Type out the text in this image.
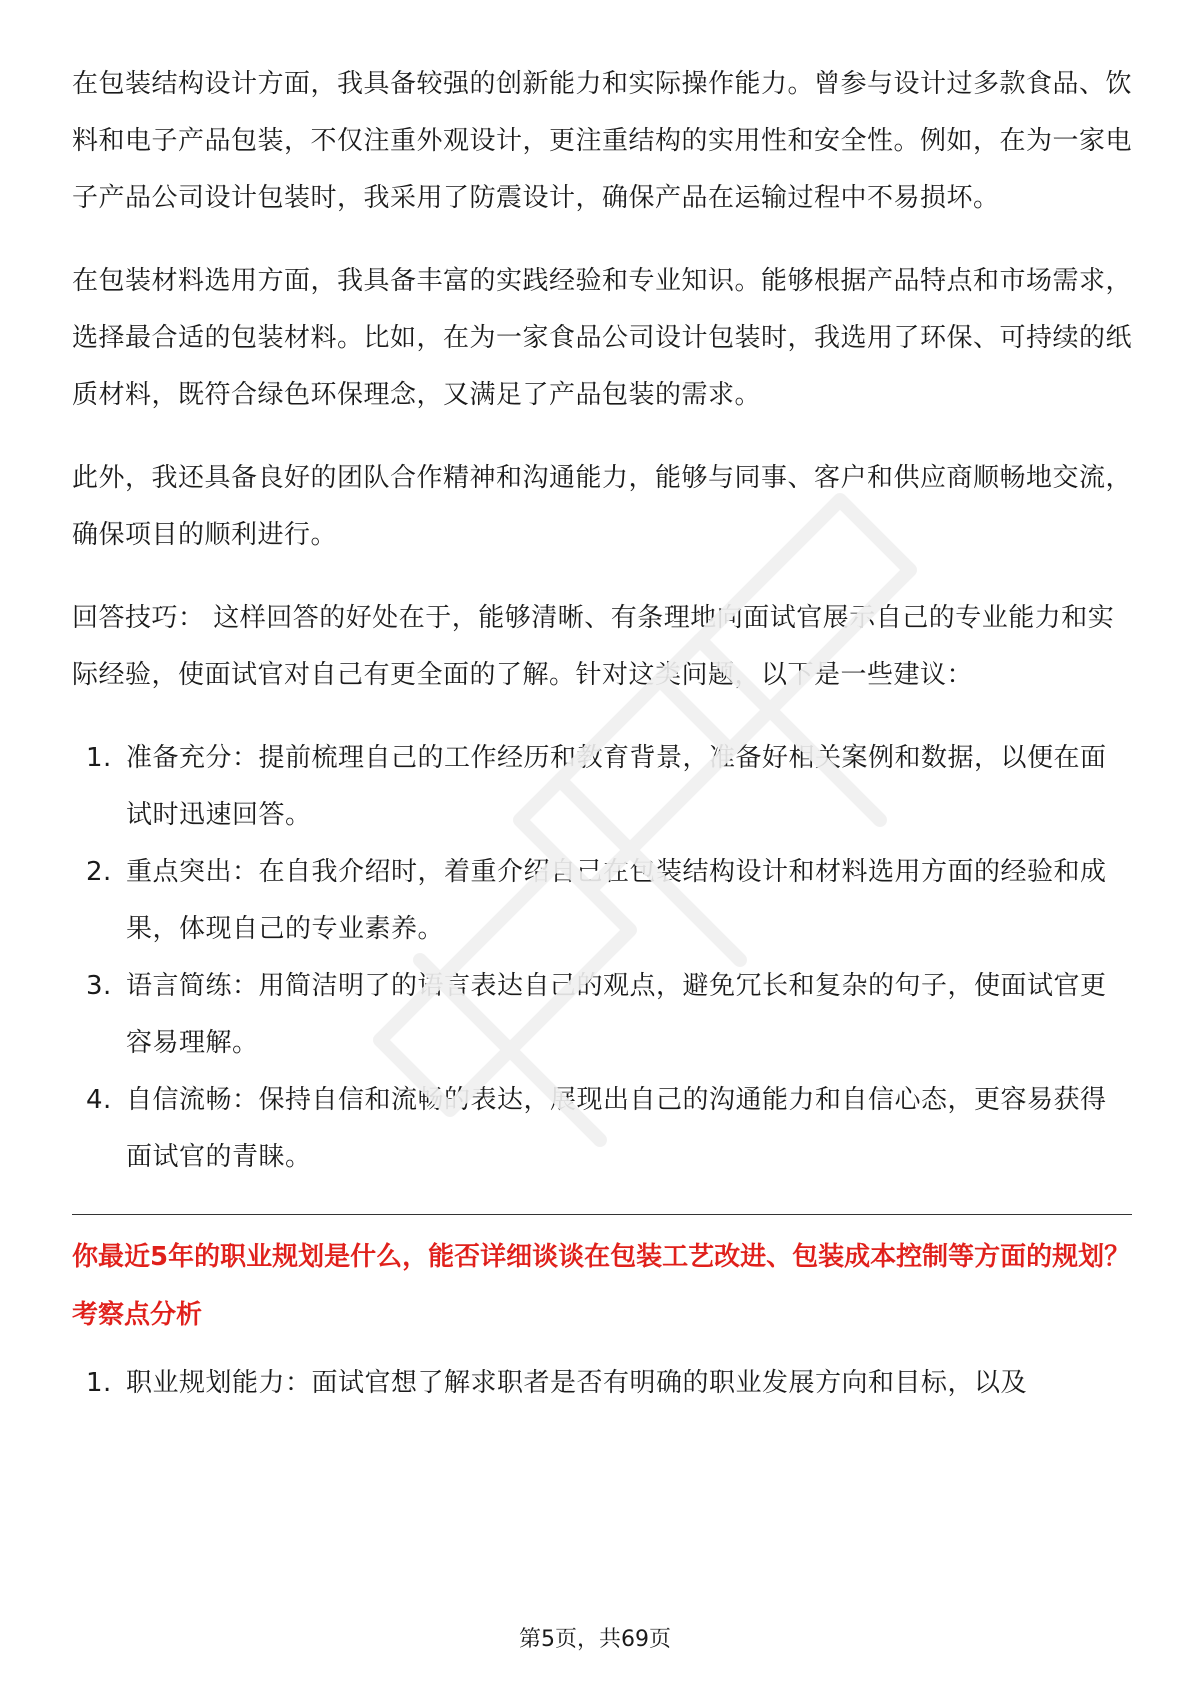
在包装结构设计方面，我具备较强的创新能力和实际操作能力。曾参与设计过多款食品、饮料和电子产品包装，不仅注重外观设计，更注重结构的实用性和安全性。例如，在为一家电子产品公司设计包装时，我采用了防震设计，确保产品在运输过程中不易损坏。

在包装材料选用方面，我具备丰富的实践经验和专业知识。能够根据产品特点和市场需求，选择最合适的包装材料。比如，在为一家食品公司设计包装时，我选用了环保、可持续的纸质材料，既符合绿色环保理念，又满足了产品包装的需求。

此外，我还具备良好的团队合作精神和沟通能力，能够与同事、客户和供应商顺畅地交流，确保项目的顺利进行。

回答技巧： 这样回答的好处在于，能够清晰、有条理地向面试官展示自己的专业能力和实际经验，使面试官对自己有更全面的了解。针对这类问题，以下是一些建议：

1. 准备充分：提前梳理自己的工作经历和教育背景，准备好相关案例和数据，以便在面试时迅速回答。
2. 重点突出：在自我介绍时，着重介绍自己在包装结构设计和材料选用方面的经验和成果，体现自己的专业素养。
3. 语言简练：用简洁明了的语言表达自己的观点，避免冗长和复杂的句子，使面试官更容易理解。
4. 自信流畅：保持自信和流畅的表达，展现出自己的沟通能力和自信心态，更容易获得面试官的青睐。
你最近5年的职业规划是什么，能否详细谈谈在包装工艺改进、包装成本控制等方面的规划？
考察点分析
1. 职业规划能力：面试官想了解求职者是否有明确的职业发展方向和目标，以及
第5页，共69页
